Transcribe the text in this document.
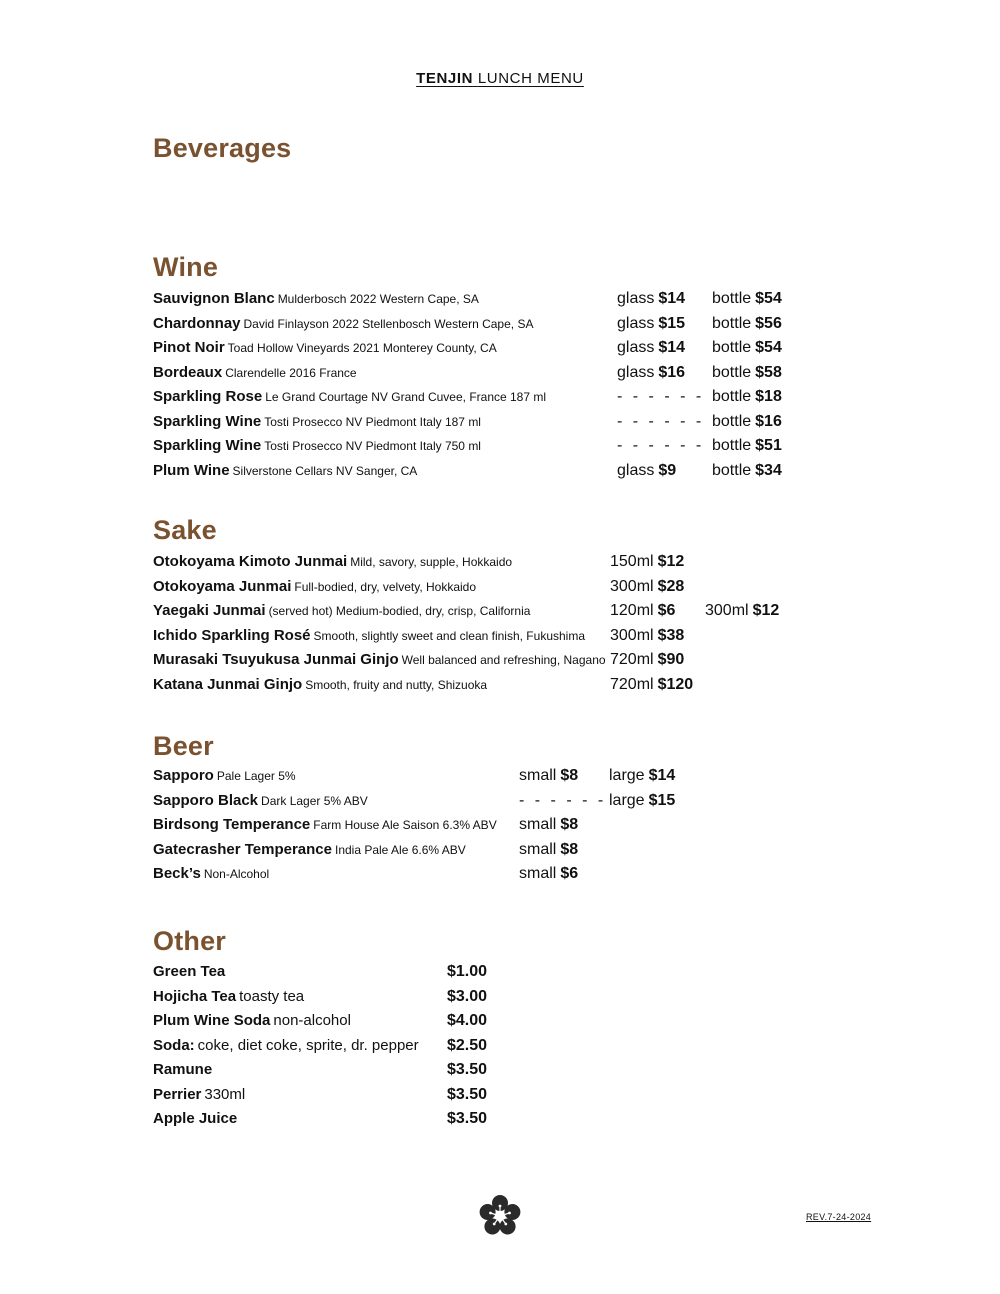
TENJIN LUNCH MENU
Beverages
Wine
Sauvignon Blanc Mulderbosch 2022 Western Cape, SA	glass $14 bottle $54
Chardonnay David Finlayson 2022 Stellenbosch Western Cape, SA	glass $15 bottle $56
Pinot Noir Toad Hollow Vineyards 2021 Monterey County, CA	glass $14 bottle $54
Bordeaux Clarendelle 2016 France	glass $16 bottle $58
Sparkling Rose Le Grand Courtage NV Grand Cuvee, France 187 ml	- - - - - - bottle $18
Sparkling Wine Tosti Prosecco NV Piedmont Italy 187 ml	- - - - - - bottle $16
Sparkling Wine Tosti Prosecco NV Piedmont Italy 750 ml	- - - - - - bottle $51
Plum Wine Silverstone Cellars NV Sanger, CA	glass $9 bottle $34
Sake
Otokoyama Kimoto Junmai Mild, savory, supple, Hokkaido	150ml $12
Otokoyama Junmai Full-bodied, dry, velvety, Hokkaido	300ml $28
Yaegaki Junmai (served hot) Medium-bodied, dry, crisp, California	120ml $6 300ml $12
Ichido Sparkling Rosé Smooth, slightly sweet and clean finish, Fukushima 300ml $38
Murasaki Tsuyukusa Junmai Ginjo Well balanced and refreshing, Nagano 720ml $90
Katana Junmai Ginjo Smooth, fruity and nutty, Shizuoka	720ml $120
Beer
Sapporo Pale Lager 5%	small $8 large $14
Sapporo Black Dark Lager 5% ABV	- - - - - - large $15
Birdsong Temperance Farm House Ale Saison 6.3% ABV small $8
Gatecrasher Temperance India Pale Ale 6.6% ABV	small $8
Beck’s Non-Alcohol	small $6
Other
Green Tea	$1.00
Hojicha Tea toasty tea	$3.00
Plum Wine Soda non-alcohol	$4.00
Soda: coke, diet coke, sprite, dr. pepper $2.50
Ramune	$3.50
Perrier 330ml	$3.50
Apple Juice	$3.50
REV.7-24-2024
